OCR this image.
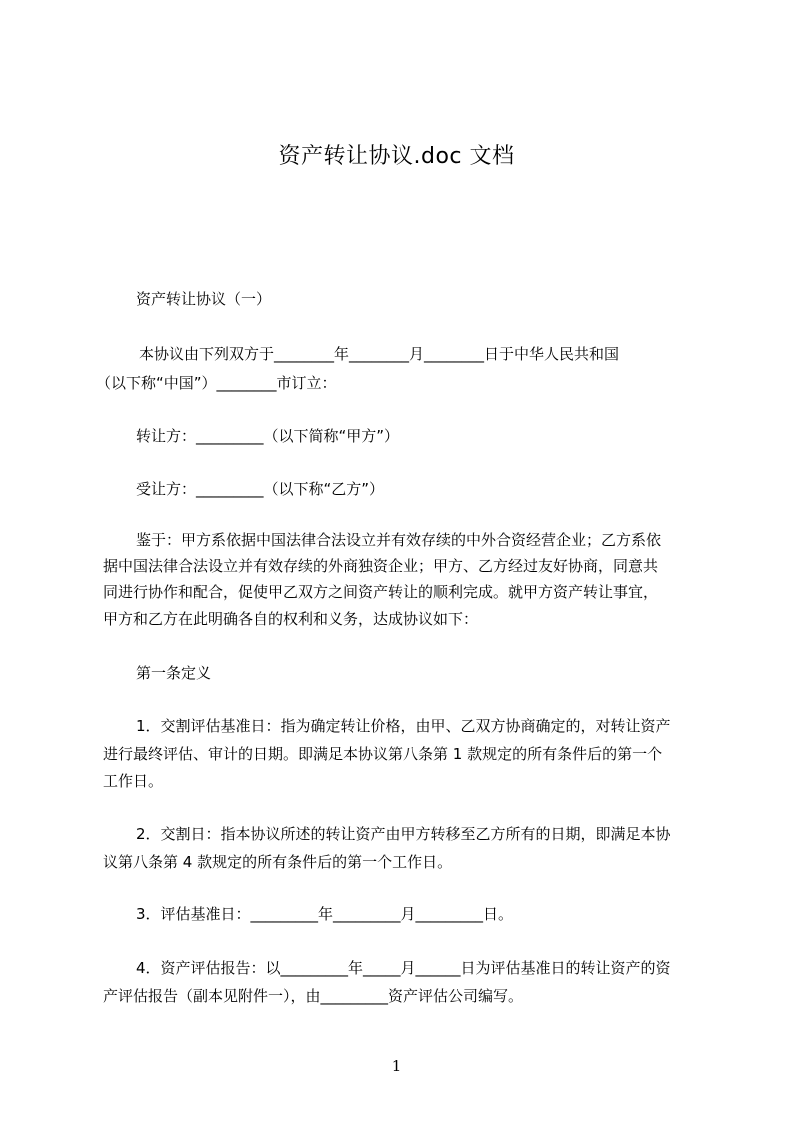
资产转让协议.doc 文档

资产转让协议（一）

本协议由下列双方于________年________月________日于中华人民共和国

（以下称“中国”）________市订立：

转让方：_________（以下简称“甲方”）

受让方：_________（以下称“乙方”）

鉴于：甲方系依据中国法律合法设立并有效存续的中外合资经营企业；乙方系依

据中国法律合法设立并有效存续的外商独资企业；甲方、乙方经过友好协商，同意共

同进行协作和配合，促使甲乙双方之间资产转让的顺利完成。就甲方资产转让事宜，

甲方和乙方在此明确各自的权利和义务，达成协议如下：

第一条定义

1．交割评估基准日：指为确定转让价格，由甲、乙双方协商确定的，对转让资产

进行最终评估、审计的日期。即满足本协议第八条第 1 款规定的所有条件后的第一个

工作日。

2．交割日：指本协议所述的转让资产由甲方转移至乙方所有的日期，即满足本协

议第八条第 4 款规定的所有条件后的第一个工作日。

3．评估基准日：_________年_________月_________日。

4．资产评估报告：以_________年_____月______日为评估基准日的转让资产的资

产评估报告（副本见附件一），由_________资产评估公司编写。

1
